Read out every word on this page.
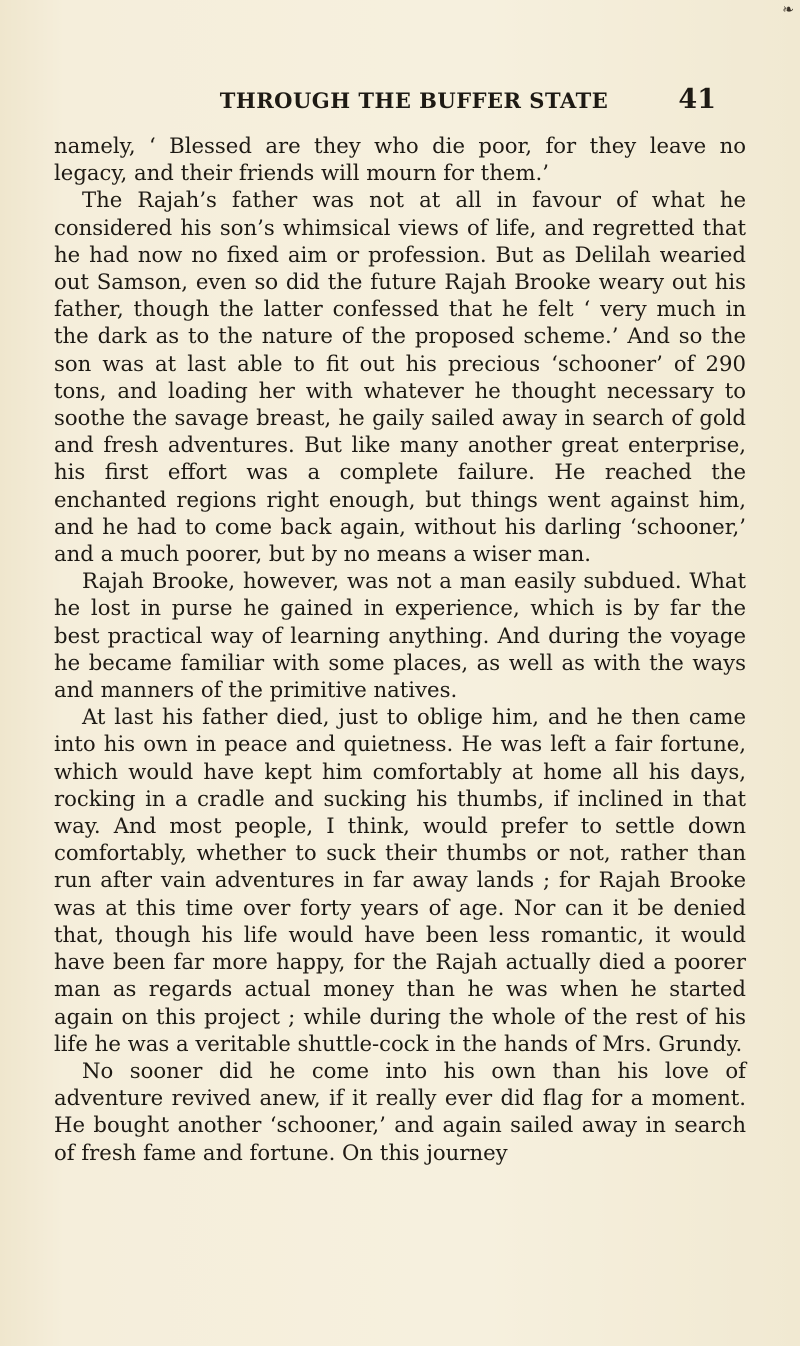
❧
THROUGH THE BUFFER STATE	41

namely, ‘ Blessed are they who die poor, for they leave no legacy, and their friends will mourn for them.’

The Rajah’s father was not at all in favour of what he considered his son’s whimsical views of life, and regretted that he had now no fixed aim or profession. But as Delilah wearied out Samson, even so did the future Rajah Brooke weary out his father, though the latter confessed that he felt ‘ very much in the dark as to the nature of the proposed scheme.’ And so the son was at last able to fit out his precious ‘schooner’ of 290 tons, and loading her with whatever he thought necessary to soothe the savage breast, he gaily sailed away in search of gold and fresh adventures. But like many another great enterprise, his first effort was a complete failure. He reached the enchanted regions right enough, but things went against him, and he had to come back again, without his darling ‘schooner,’ and a much poorer, but by no means a wiser man.

Rajah Brooke, however, was not a man easily subdued. What he lost in purse he gained in experience, which is by far the best practical way of learning anything. And during the voyage he became familiar with some places, as well as with the ways and manners of the primitive natives.

At last his father died, just to oblige him, and he then came into his own in peace and quietness. He was left a fair fortune, which would have kept him comfortably at home all his days, rocking in a cradle and sucking his thumbs, if inclined in that way. And most people, I think, would prefer to settle down comfortably, whether to suck their thumbs or not, rather than run after vain adventures in far away lands ; for Rajah Brooke was at this time over forty years of age. Nor can it be denied that, though his life would have been less romantic, it would have been far more happy, for the Rajah actually died a poorer man as regards actual money than he was when he started again on this project ; while during the whole of the rest of his life he was a veritable shuttle-cock in the hands of Mrs. Grundy.

No sooner did he come into his own than his love of adventure revived anew, if it really ever did flag for a moment. He bought another ‘schooner,’ and again sailed away in search of fresh fame and fortune. On this journey
